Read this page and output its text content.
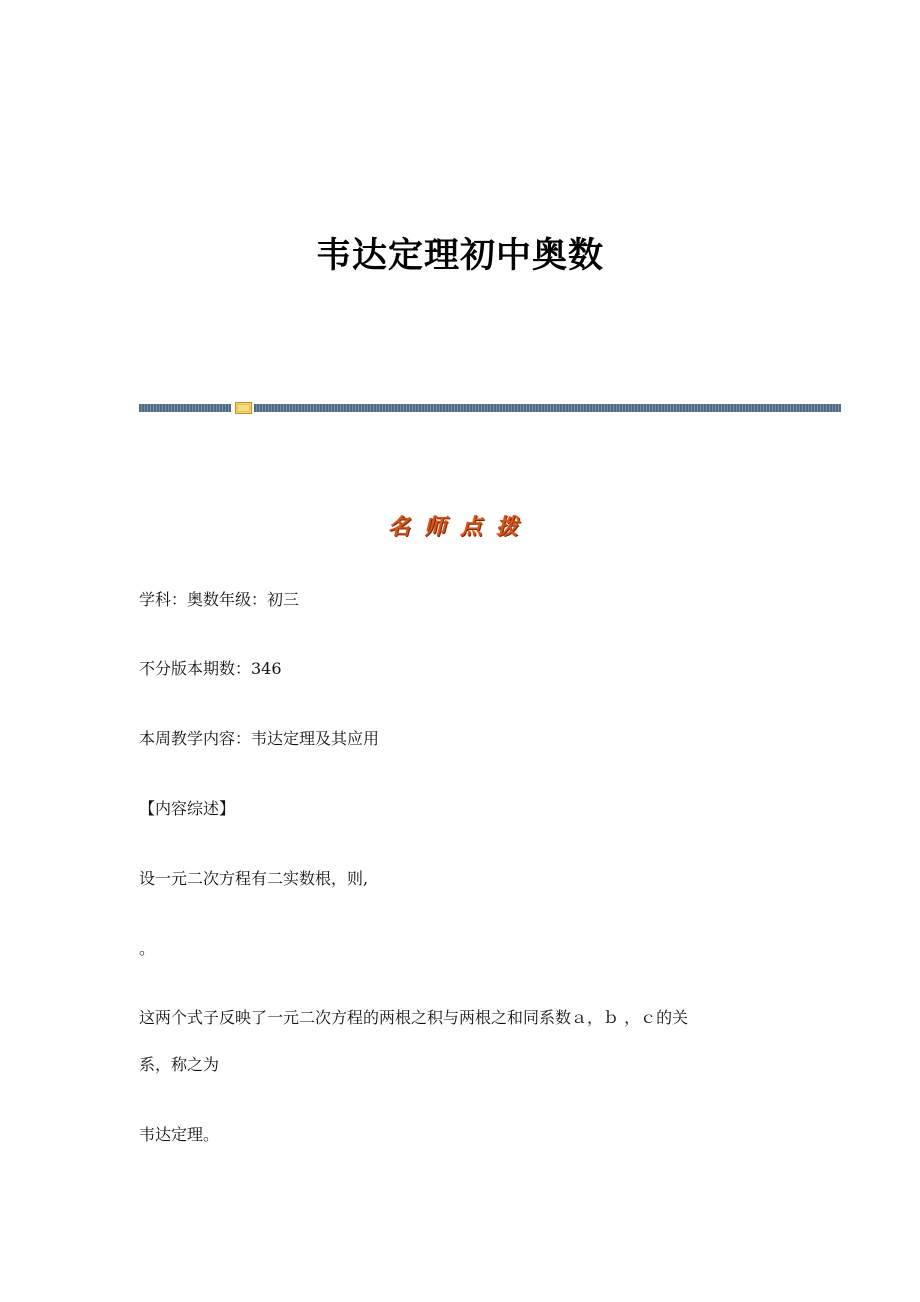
韦达定理初中奥数
名师点拨
学科：奥数年级：初三
不分版本期数：346
本周教学内容：韦达定理及其应用
【内容综述】
设一元二次方程有二实数根，则,
。
这两个式子反映了一元二次方程的两根之积与两根之和同系数ａ，ｂ ，ｃ的关
系，称之为
韦达定理。
